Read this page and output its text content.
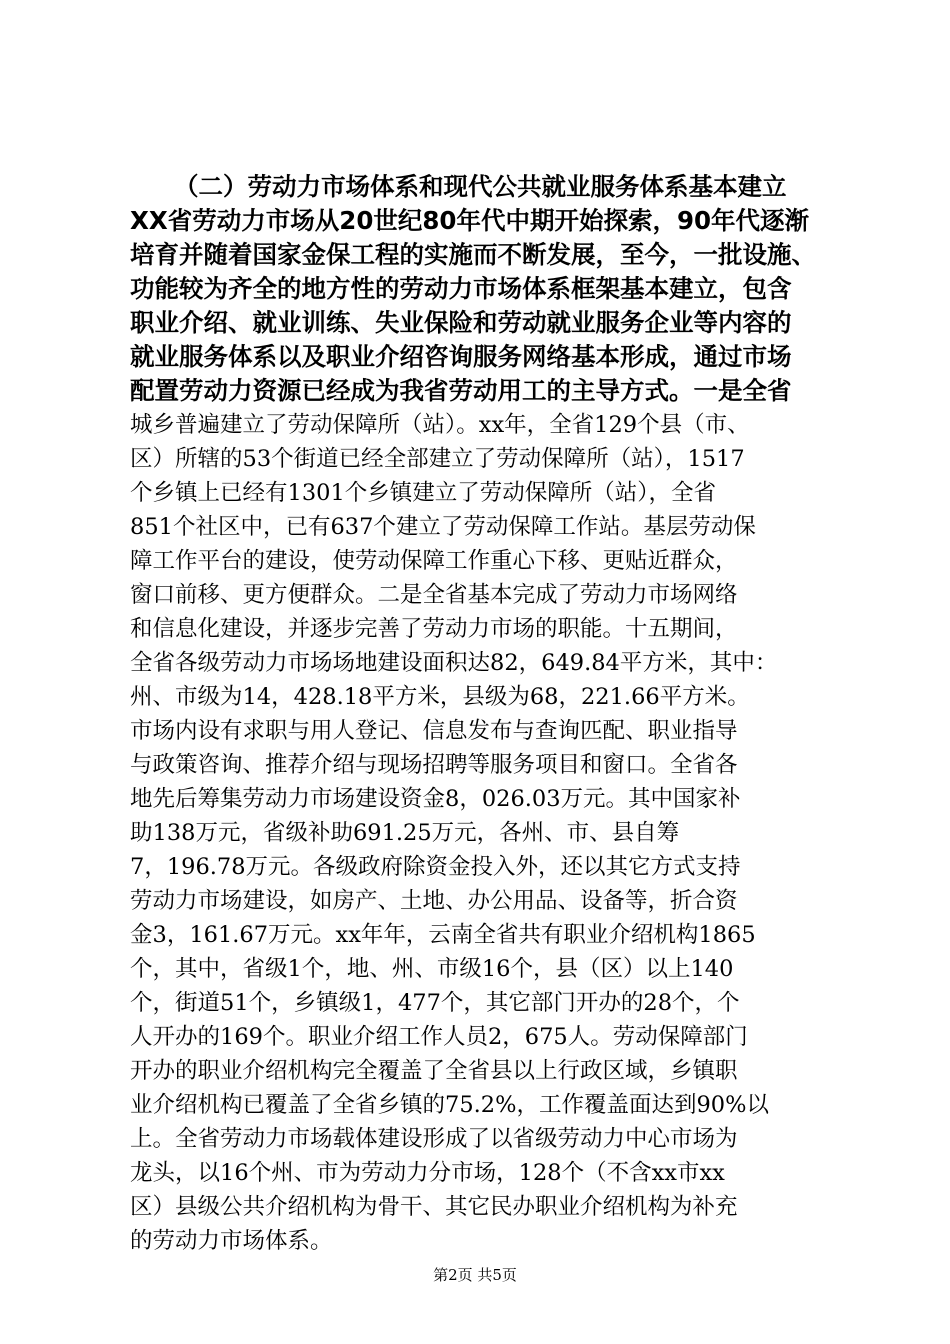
（二）劳动力市场体系和现代公共就业服务体系基本建立
XX省劳动力市场从20世纪80年代中期开始探索，90年代逐渐
培育并随着国家金保工程的实施而不断发展，至今，一批设施、
功能较为齐全的地方性的劳动力市场体系框架基本建立，包含
职业介绍、就业训练、失业保险和劳动就业服务企业等内容的
就业服务体系以及职业介绍咨询服务网络基本形成，通过市场
配置劳动力资源已经成为我省劳动用工的主导方式。一是全省
城乡普遍建立了劳动保障所（站）。xx年，全省129个县（市、
区）所辖的53个街道已经全部建立了劳动保障所（站），1517
个乡镇上已经有1301个乡镇建立了劳动保障所（站），全省
851个社区中，已有637个建立了劳动保障工作站。基层劳动保
障工作平台的建设，使劳动保障工作重心下移、更贴近群众，
窗口前移、更方便群众。二是全省基本完成了劳动力市场网络
和信息化建设，并逐步完善了劳动力市场的职能。十五期间，
全省各级劳动力市场场地建设面积达82，649.84平方米，其中：
州、市级为14，428.18平方米，县级为68，221.66平方米。
市场内设有求职与用人登记、信息发布与查询匹配、职业指导
与政策咨询、推荐介绍与现场招聘等服务项目和窗口。全省各
地先后筹集劳动力市场建设资金8，026.03万元。其中国家补
助138万元，省级补助691.25万元，各州、市、县自筹
7，196.78万元。各级政府除资金投入外，还以其它方式支持
劳动力市场建设，如房产、土地、办公用品、设备等，折合资
金3，161.67万元。xx年年，云南全省共有职业介绍机构1865
个，其中，省级1个，地、州、市级16个，县（区）以上140
个，街道51个，乡镇级1，477个，其它部门开办的28个，个
人开办的169个。职业介绍工作人员2，675人。劳动保障部门
开办的职业介绍机构完全覆盖了全省县以上行政区域，乡镇职
业介绍机构已覆盖了全省乡镇的75.2%，工作覆盖面达到90%以
上。全省劳动力市场载体建设形成了以省级劳动力中心市场为
龙头，以16个州、市为劳动力分市场，128个（不含xx市xx
区）县级公共介绍机构为骨干、其它民办职业介绍机构为补充
的劳动力市场体系。
第2页 共5页
